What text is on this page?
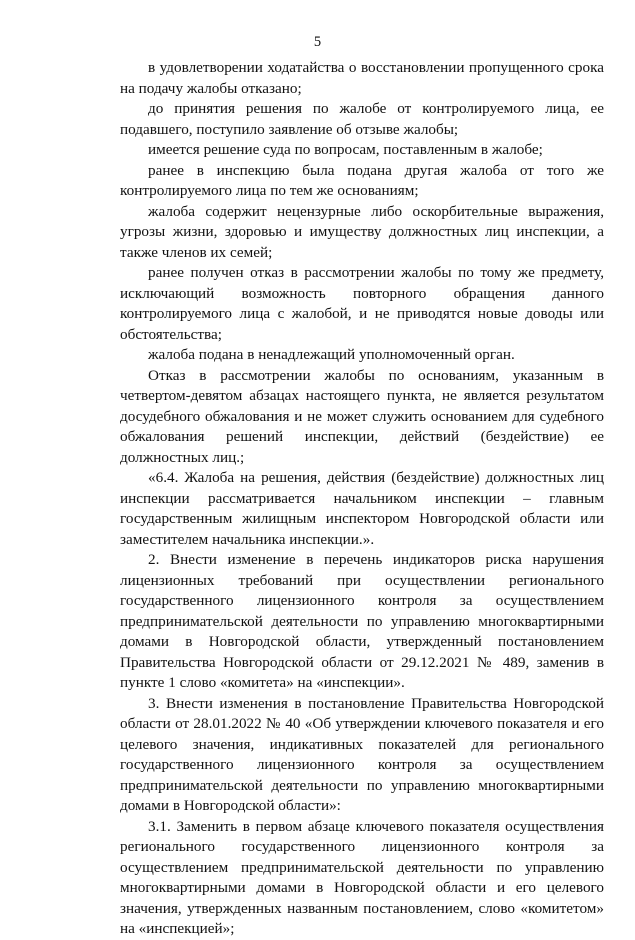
5

в удовлетворении ходатайства о восстановлении пропущенного срока на подачу жалобы отказано;

до принятия решения по жалобе от контролируемого лица, ее подавшего, поступило заявление об отзыве жалобы;

имеется решение суда по вопросам, поставленным в жалобе;

ранее в инспекцию была подана другая жалоба от того же контролируемого лица по тем же основаниям;

жалоба содержит нецензурные либо оскорбительные выражения, угрозы жизни, здоровью и имуществу должностных лиц инспекции, а также членов их семей;

ранее получен отказ в рассмотрении жалобы по тому же предмету, исключающий возможность повторного обращения данного контролируемого лица с жалобой, и не приводятся новые доводы или обстоятельства;

жалоба подана в ненадлежащий уполномоченный орган.

Отказ в рассмотрении жалобы по основаниям, указанным в четвертом-девятом абзацах настоящего пункта, не является результатом досудебного обжалования и не может служить основанием для судебного обжалования решений инспекции, действий (бездействие) ее должностных лиц.;

«6.4. Жалоба на решения, действия (бездействие) должностных лиц инспекции рассматривается начальником инспекции – главным государственным жилищным инспектором Новгородской области или заместителем начальника инспекции.».

2. Внести изменение в перечень индикаторов риска нарушения лицензионных требований при осуществлении регионального государственного лицензионного контроля за осуществлением предпринимательской деятельности по управлению многоквартирными домами в Новгородской области, утвержденный постановлением Правительства Новгородской области от 29.12.2021 № 489, заменив в пункте 1 слово «комитета» на «инспекции».

3. Внести изменения в постановление Правительства Новгородской области от 28.01.2022 № 40 «Об утверждении ключевого показателя и его целевого значения, индикативных показателей для регионального государственного лицензионного контроля за осуществлением предпринимательской деятельности по управлению многоквартирными домами в Новгородской области»:

3.1. Заменить в первом абзаце ключевого показателя осуществления регионального государственного лицензионного контроля за осуществлением предпринимательской деятельности по управлению многоквартирными домами в Новгородской области и его целевого значения, утвержденных названным постановлением, слово «комитетом» на «инспекцией»;
